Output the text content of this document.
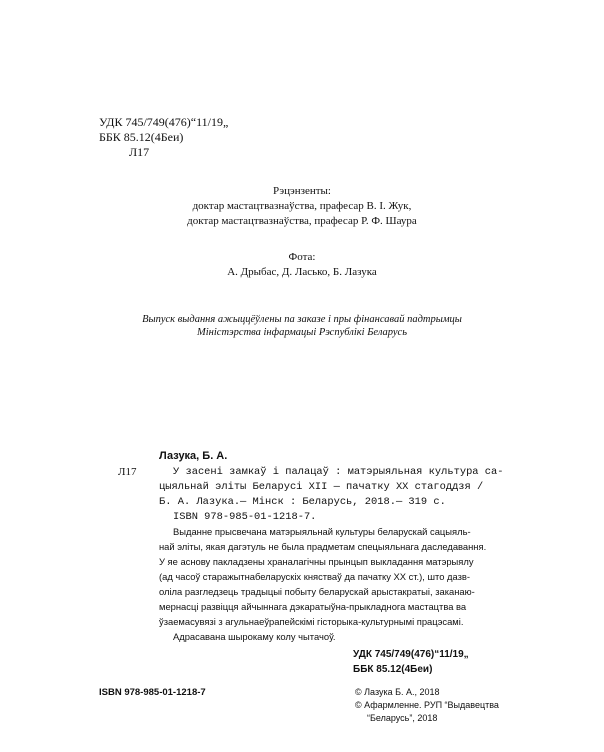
УДК 745/749(476)“11/19„
ББК 85.12(4Беи)
Л17
Рэцэнзенты:
доктар мастацтвазнаўства, прафесар В. І. Жук,
доктар мастацтвазнаўства, прафесар Р. Ф. Шаура
Фота:
А. Дрыбас, Д. Ласько, Б. Лазука
Выпуск выдання ажыццёўлены па заказе і пры фінансавай падтрымцы
Міністэрства інфармацыі Рэспублікі Беларусь
Лазука, Б. А.
Л17	У засені замкаў і палацаў : матэрыяльная культура са-
цыяльнай эліты Беларусі XII — пачатку XX стагоддзя /
Б. А. Лазука.— Мінск : Беларусь, 2018.— 319 с.
ISBN 978-985-01-1218-7.
Выданне прысвечана матэрыяльнай культуры беларускай сацыяль-
най эліты, якая дагэтуль не была прадметам спецыяльнага даследавання.
У яе аснову пакладзены храналагічны прынцып выкладання матэрыялу
(ад часоў старажытнабеларускіх княстваў да пачатку XX ст.), што дазв-
оліла разгледзець традыцыі побыту беларускай арыстакратыі, заканаю-
мернасці развіцця айчыннага дэкаратыўна-прыкладнога мастацтва ва
ўзаемасувязі з агульнаеўрапейскімі гісторыка-культурнымі працэсамі.
Адрасавана шырокаму колу чытачоў.
УДК 745/749(476)“11/19„
ББК 85.12(4Беи)
ISBN 978-985-01-1218-7	© Лазука Б. А., 2018
© Афармленне. РУП “Выдавецтва
“Беларусь”, 2018
